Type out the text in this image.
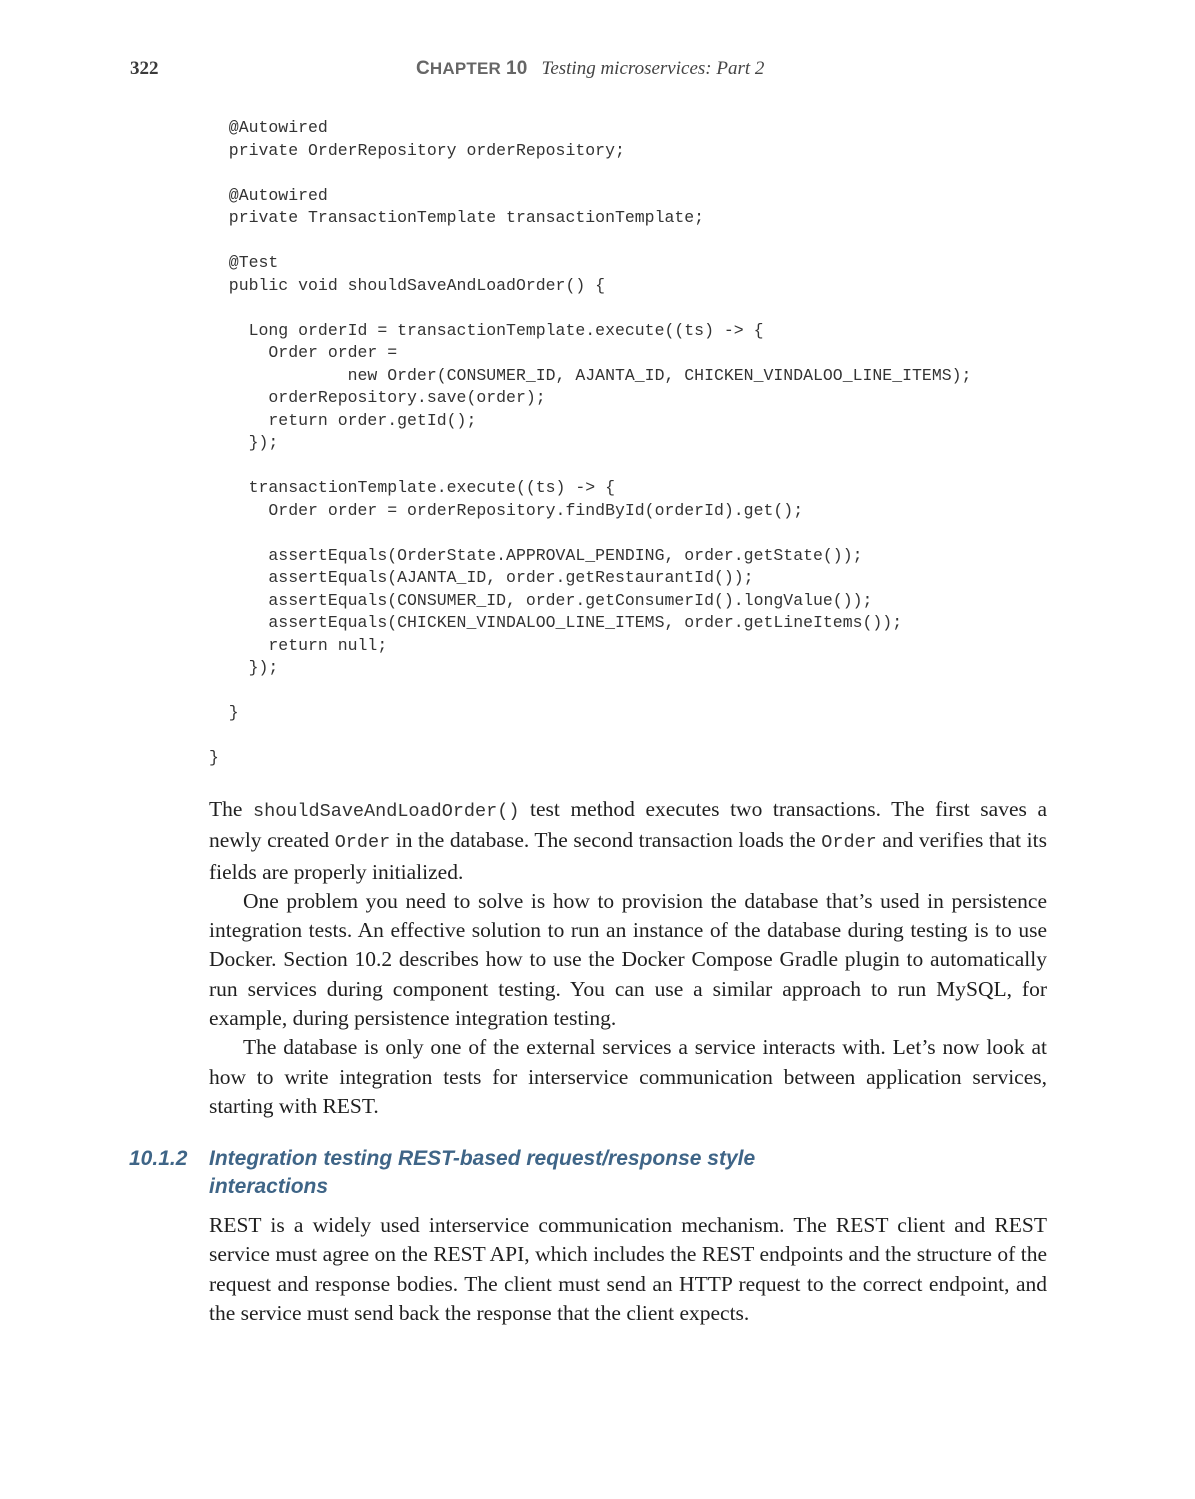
322	CHAPTER 10 Testing microservices: Part 2
@Autowired
private OrderRepository orderRepository;
@Autowired
private TransactionTemplate transactionTemplate;
@Test
public void shouldSaveAndLoadOrder() {
Long orderId = transactionTemplate.execute((ts) -> {
Order order =
new Order(CONSUMER_ID, AJANTA_ID, CHICKEN_VINDALOO_LINE_ITEMS);
orderRepository.save(order);
return order.getId();
});
transactionTemplate.execute((ts) -> {
Order order = orderRepository.findById(orderId).get();
assertEquals(OrderState.APPROVAL_PENDING, order.getState());
assertEquals(AJANTA_ID, order.getRestaurantId());
assertEquals(CONSUMER_ID, order.getConsumerId().longValue());
assertEquals(CHICKEN_VINDALOO_LINE_ITEMS, order.getLineItems());
return null;
});
}
}

The shouldSaveAndLoadOrder() test method executes two transactions. The first saves a newly created Order in the database. The second transaction loads the Order and verifies that its fields are properly initialized.

One problem you need to solve is how to provision the database that’s used in persistence integration tests. An effective solution to run an instance of the database during testing is to use Docker. Section 10.2 describes how to use the Docker Compose Gradle plugin to automatically run services during component testing. You can use a similar approach to run MySQL, for example, during persistence integration testing.

The database is only one of the external services a service interacts with. Let’s now look at how to write integration tests for interservice communication between application services, starting with REST.

10.1.2 Integration testing REST-based request/response style interactions

REST is a widely used interservice communication mechanism. The REST client and REST service must agree on the REST API, which includes the REST endpoints and the structure of the request and response bodies. The client must send an HTTP request to the correct endpoint, and the service must send back the response that the client expects.
